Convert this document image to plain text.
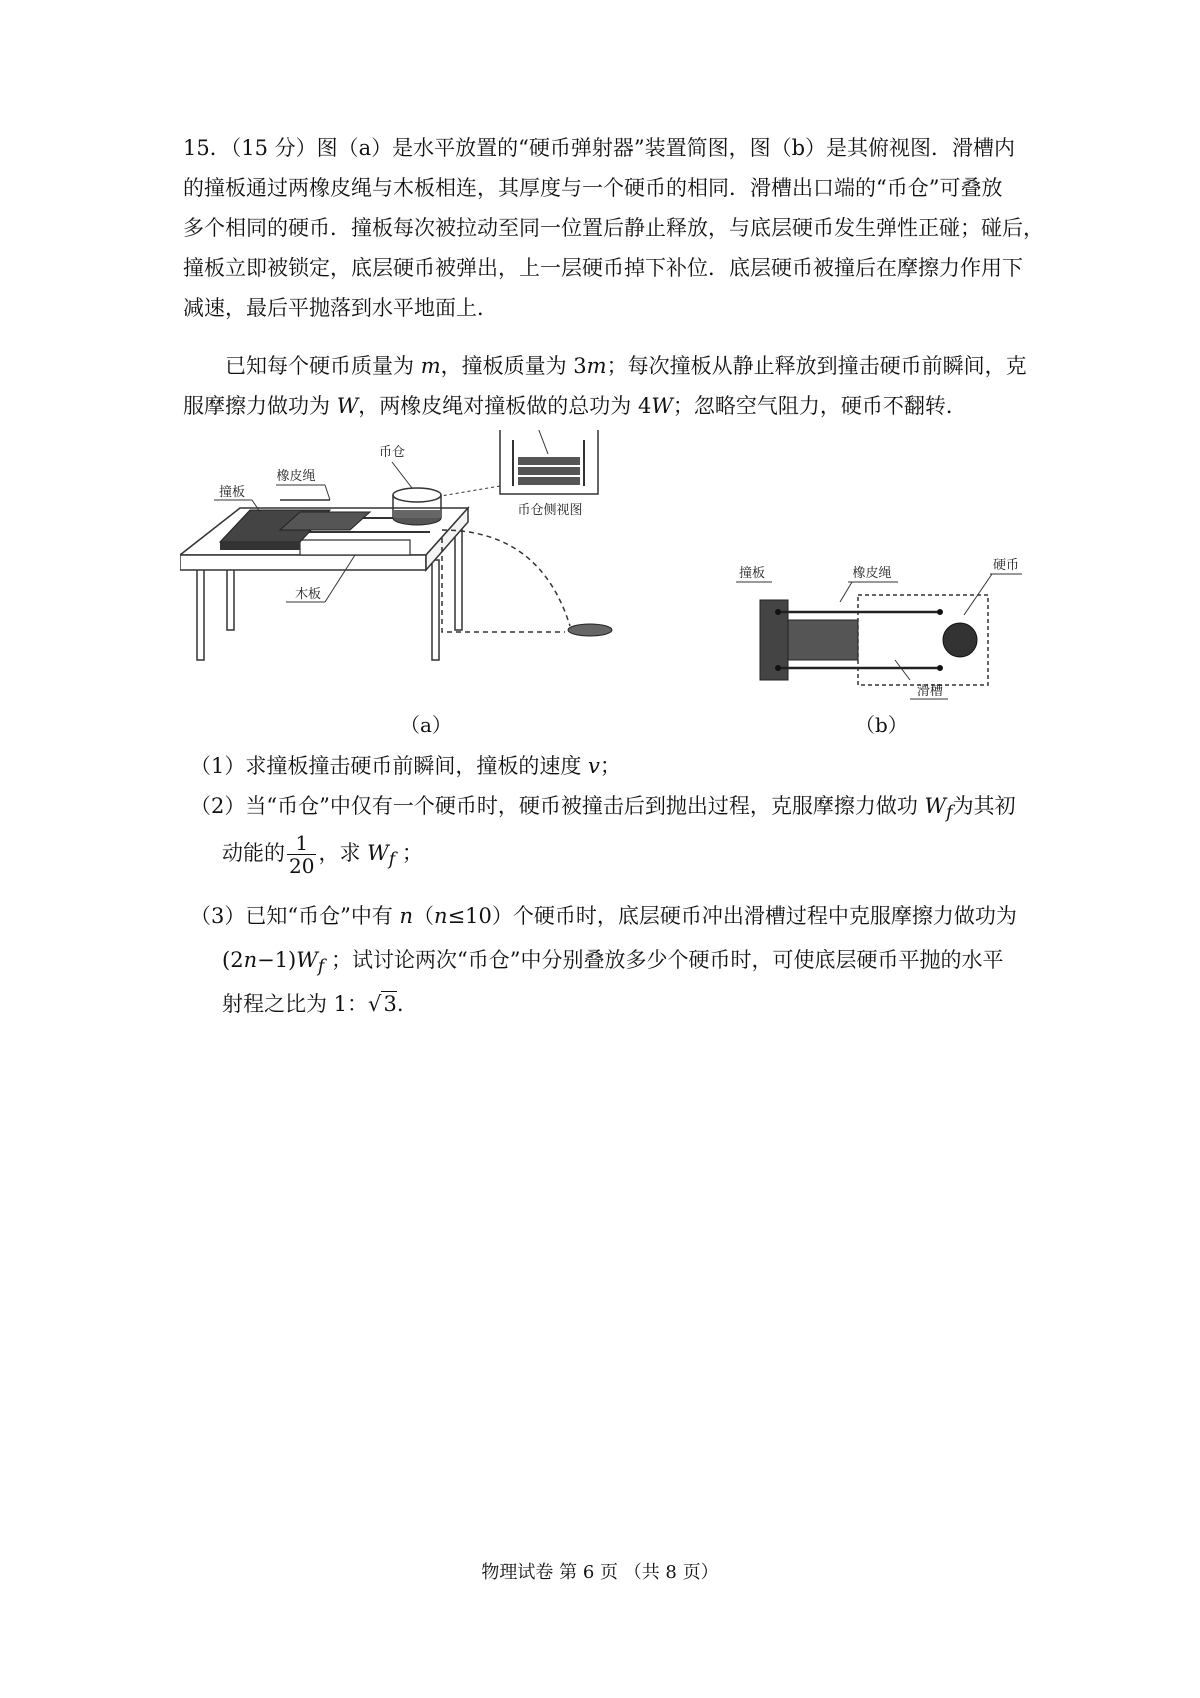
15．（15 分）图（a）是水平放置的“硬币弹射器”装置简图，图（b）是其俯视图．滑槽内
的撞板通过两橡皮绳与木板相连，其厚度与一个硬币的相同．滑槽出口端的“币仓”可叠放
多个相同的硬币．撞板每次被拉动至同一位置后静止释放，与底层硬币发生弹性正碰；碰后，
撞板立即被锁定，底层硬币被弹出，上一层硬币掉下补位．底层硬币被撞后在摩擦力作用下
减速，最后平抛落到水平地面上．
已知每个硬币质量为 m，撞板质量为 3m；每次撞板从静止释放到撞击硬币前瞬间，克
服摩擦力做功为 W，两橡皮绳对撞板做的总功为 4W；忽略空气阻力，硬币不翻转．
币仓侧视图
币仓
橡皮绳
撞板
木板
（a）
撞板	橡皮绳
硬币
滑槽
（b）
（1）求撞板撞击硬币前瞬间，撞板的速度 v；
（2）当“币仓”中仅有一个硬币时，硬币被撞击后到抛出过程，克服摩擦力做功 $W_f$为其初
动能的 $\frac{1}{20}$ ，求 $W_f$ ；
（3）已知“币仓”中有 n（n≤10）个硬币时，底层硬币冲出滑槽过程中克服摩擦力做功为
$(2n-1)W_f$ ；试讨论两次“币仓”中分别叠放多少个硬币时，可使底层硬币平抛的水平
射程之比为 1：√3.
物理试卷 第 6 页 （共 8 页）
